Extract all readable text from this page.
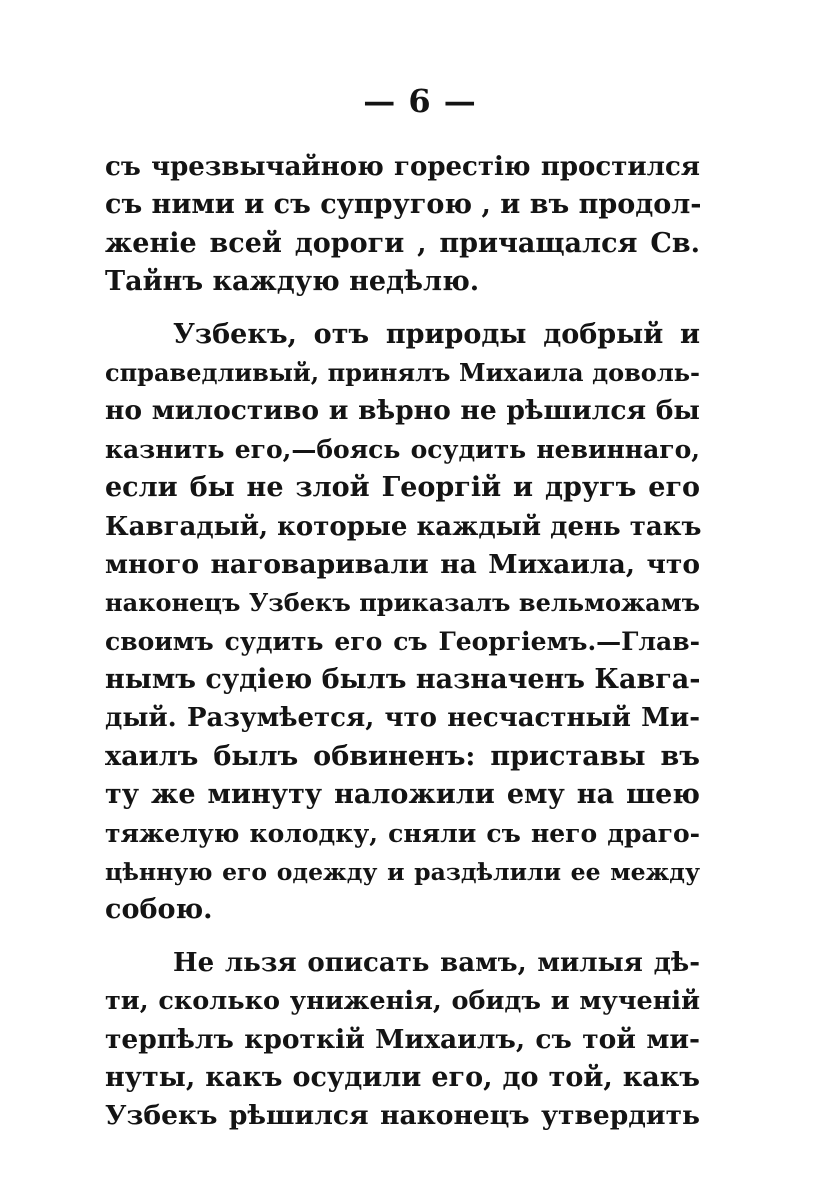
— 6 —
съ чрезвычайною горестію простился
съ ними и съ супругою , и въ продол-
женіе всей дороги , причащался Св.
Тайнъ каждую недѣлю.
Узбекъ, отъ природы добрый и
справедливый, принялъ Михаила доволь-
но милостиво и вѣрно не рѣшился бы
казнить его,—боясь осудить невиннаго,
если бы не злой Георгій и другъ его
Кавгадый, которые каждый день такъ
много наговаривали на Михаила, что
наконецъ Узбекъ приказалъ вельможамъ
своимъ судить его съ Георгіемъ.—Глав-
нымъ судіею былъ назначенъ Кавга-
дый. Разумѣется, что несчастный Ми-
хаилъ былъ обвиненъ: приставы въ
ту же минуту наложили ему на шею
тяжелую колодку, сняли съ него драго-
цѣнную его одежду и раздѣлили ее между
собою.
Не льзя описать вамъ, милыя дѣ-
ти, сколько униженія, обидъ и мученій
терпѣлъ кроткій Михаилъ, съ той ми-
нуты, какъ осудили его, до той, какъ
Узбекъ рѣшился наконецъ утвердить
